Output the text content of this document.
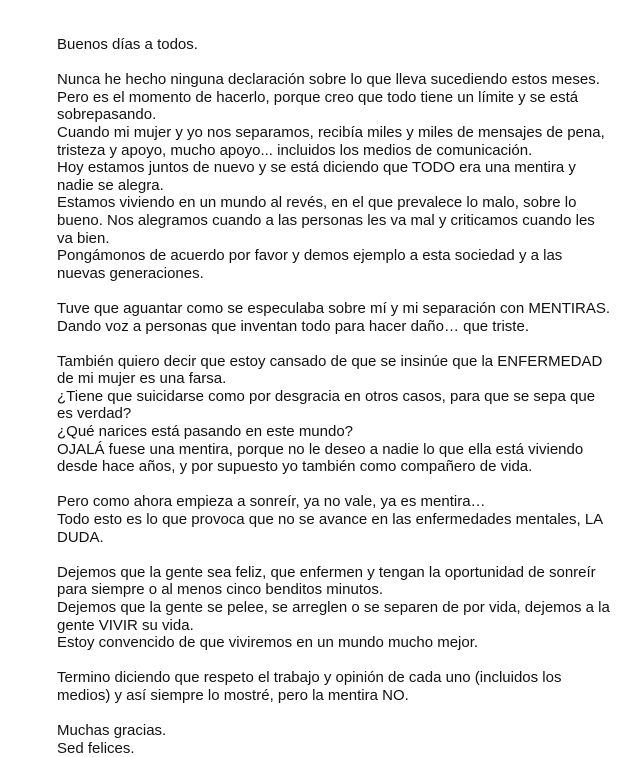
Buenos días a todos.
Nunca he hecho ninguna declaración sobre lo que lleva sucediendo estos meses.
Pero es el momento de hacerlo, porque creo que todo tiene un límite y se está
sobrepasando.
Cuando mi mujer y yo nos separamos, recibía miles y miles de mensajes de pena,
tristeza y apoyo, mucho apoyo... incluidos los medios de comunicación.
Hoy estamos juntos de nuevo y se está diciendo que TODO era una mentira y
nadie se alegra.
Estamos viviendo en un mundo al revés, en el que prevalece lo malo, sobre lo
bueno. Nos alegramos cuando a las personas les va mal y criticamos cuando les
va bien.
Pongámonos de acuerdo por favor y demos ejemplo a esta sociedad y a las
nuevas generaciones.
Tuve que aguantar como se especulaba sobre mí y mi separación con MENTIRAS.
Dando voz a personas que inventan todo para hacer daño… que triste.
También quiero decir que estoy cansado de que se insinúe que la ENFERMEDAD
de mi mujer es una farsa.
¿Tiene que suicidarse como por desgracia en otros casos, para que se sepa que
es verdad?
¿Qué narices está pasando en este mundo?
OJALÁ fuese una mentira, porque no le deseo a nadie lo que ella está viviendo
desde hace años, y por supuesto yo también como compañero de vida.
Pero como ahora empieza a sonreír, ya no vale, ya es mentira…
Todo esto es lo que provoca que no se avance en las enfermedades mentales, LA
DUDA.
Dejemos que la gente sea feliz, que enfermen y tengan la oportunidad de sonreír
para siempre o al menos cinco benditos minutos.
Dejemos que la gente se pelee, se arreglen o se separen de por vida, dejemos a la
gente VIVIR su vida.
Estoy convencido de que viviremos en un mundo mucho mejor.
Termino diciendo que respeto el trabajo y opinión de cada uno (incluidos los
medios) y así siempre lo mostré, pero la mentira NO.
Muchas gracias.
Sed felices.
